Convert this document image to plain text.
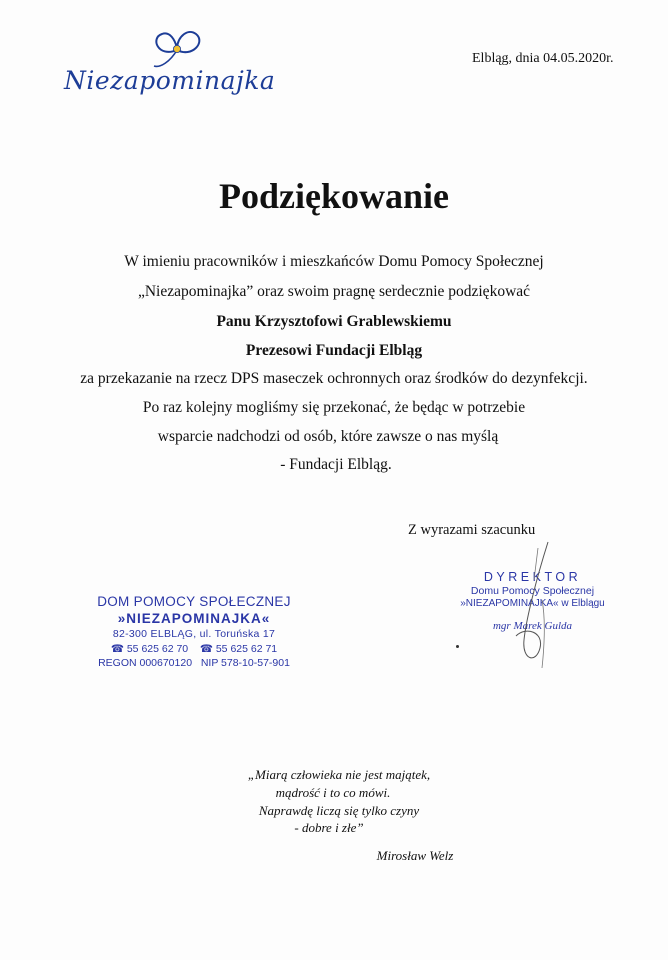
Niezapominajka
Elbląg, dnia 04.05.2020r.
Podziękowanie
W imieniu pracowników i mieszkańców Domu Pomocy Społecznej
„Niezapominajka” oraz swoim pragnę serdecznie podziękować
Panu Krzysztofowi Grablewskiemu
Prezesowi Fundacji Elbląg
za przekazanie na rzecz DPS maseczek ochronnych oraz środków do dezynfekcji.
Po raz kolejny mogliśmy się przekonać, że będąc w potrzebie
wsparcie nadchodzi od osób, które zawsze o nas myślą
- Fundacji Elbląg.
Z wyrazami szacunku
DOM POMOCY SPOŁECZNEJ
»NIEZAPOMINAJKA«
82-300 ELBLĄG, ul. Toruńska 17
☎ 55 625 62 70 ☎ 55 625 62 71
REGON 000670120 NIP 578-10-57-901
DYREKTOR
Domu Pomocy Społecznej
»NIEZAPOMINAJKA« w Elblągu
mgr Marek Gulda
„Miarą człowieka nie jest majątek,
mądrość i to co mówi.
Naprawdę liczą się tylko czyny
- dobre i złe”
Mirosław Welz
